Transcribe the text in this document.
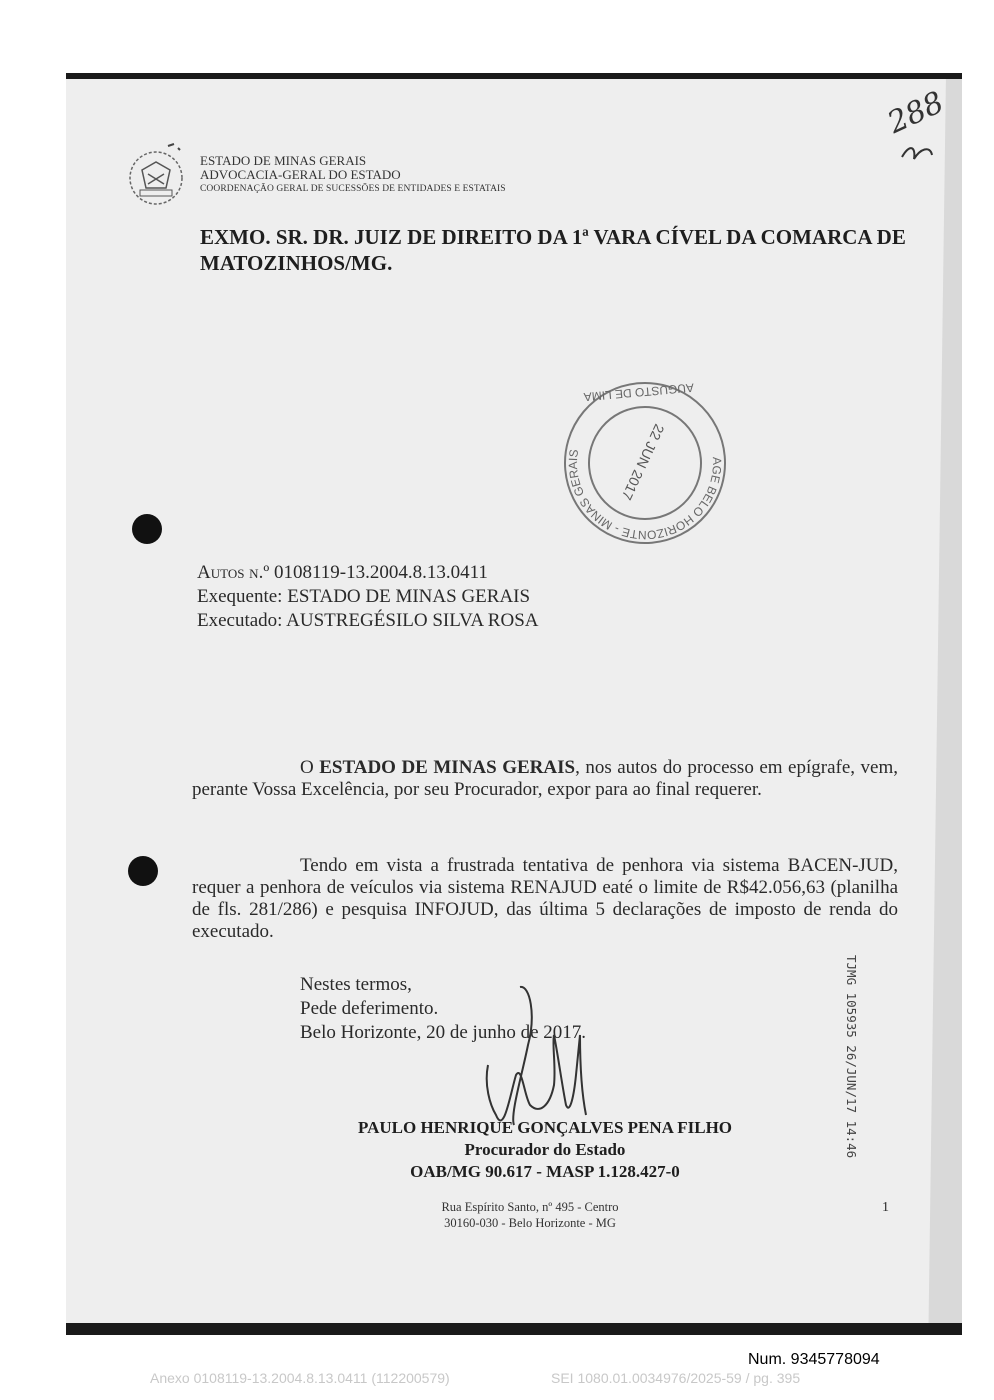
ESTADO DE MINAS GERAIS
ADVOCACIA-GERAL DO ESTADO
COORDENAÇÃO GERAL DE SUCESSÕES DE ENTIDADES E ESTATAIS
288
EXMO. SR. DR. JUIZ DE DIREITO DA 1ª VARA CÍVEL DA COMARCA DE MATOZINHOS/MG.
AGE BELO HORIZONTE - MINAS GERAIS	22 JUN 2017
AUGUSTO DE LIMA
Autos n.º 0108119-13.2004.8.13.0411
Exequente: ESTADO DE MINAS GERAIS
Executado: AUSTREGÉSILO SILVA ROSA
O ESTADO DE MINAS GERAIS, nos autos do processo em epígrafe, vem, perante Vossa Excelência, por seu Procurador, expor para ao final requerer.
Tendo em vista a frustrada tentativa de penhora via sistema BACEN-JUD, requer a penhora de veículos via sistema RENAJUD eaté o limite de R$42.056,63 (planilha de fls. 281/286) e pesquisa INFOJUD, das última 5 declarações de imposto de renda do executado.
Nestes termos,
Pede deferimento.
Belo Horizonte, 20 de junho de 2017.
PAULO HENRIQUE GONÇALVES PENA FILHO
Procurador do Estado
OAB/MG 90.617 - MASP 1.128.427-0
Rua Espírito Santo, nº 495 - Centro
30160-030 - Belo Horizonte - MG
1
TJMG 105935 26/JUN/17 14:46
Num. 9345778094
Anexo 0108119-13.2004.8.13.0411 (112200579)	SEI 1080.01.0034976/2025-59 / pg. 395
